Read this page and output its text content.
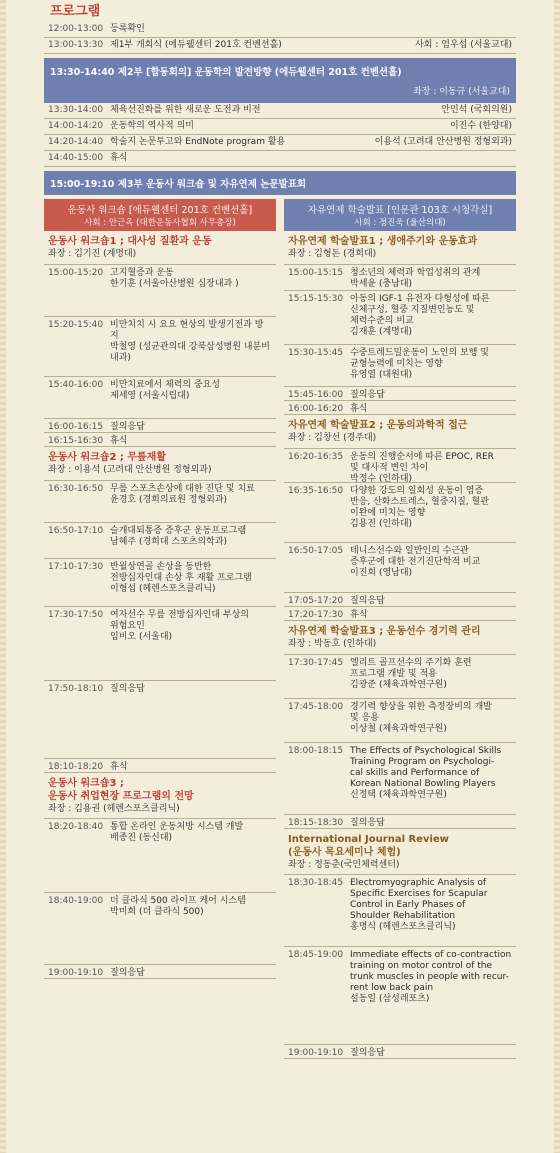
프로그램
12:00-13:00 등록확인
13:00-13:30 제1부 개회식 (에듀웰센터 201호 컨벤션홀)	사회 : 엄우섭 (서울교대)
13:30-14:40 제2부 [합동회의] 운동학의 발전방향 (에듀웰센터 201호 컨벤션홀)
좌장 : 이동규 (서울교대)
13:30-14:00 체육선진화를 위한 새로운 도전과 비전	안민석 (국회의원)
14:00-14:20 운동학의 역사적 의미	이진수 (한양대)
14:20-14:40 학술지 논문투고와 EndNote program 활용	이용석 (고려대 안산병원 정형외과)
14:40-15:00 휴식
15:00-19:10 제3부 운동사 워크숍 및 자유연제 논문발표회
운동사 워크숍 [에듀웰센터 201호 컨벤션홀]
사회 : 안근옥 (대한운동사협회 사무총장)
운동사 워크숍1 ; 대사성 질환과 운동
좌장 : 김기진 (계명대)
15:00-15:20 고지혈증과 운동
한기훈 (서울아산병원 심장내과 )
15:20-15:40 비만치치 시 요요 현상의 발생기전과 방지
박철영 (성균관의대 강북삼성병원 내분비내과)
15:40-16:00 비만치료에서 체력의 중요성
제세영 (서울시립대)
16:00-16:15 질의응답
16:15-16:30 휴식
운동사 워크숍2 ; 무릎재활
좌장 : 이용석 (고려대 안산병원 정형외과)
16:30-16:50 무릎 스포츠손상에 대한 진단 및 치료
윤경호 (경희의료원 정형외과)
16:50-17:10 슬개대퇴통증 증후군 운동프로그램
남혜주 (경희대 스포츠의학과)
17:10-17:30 반월상연골 손상을 동반한
전방십자인대 손상 후 재활 프로그램
이형섭 (헤렌스포츠클리닉)
17:30-17:50 여자선수 무릎 전방십자인대 부상의
위험요인
임비오 (서울대)
17:50-18:10 질의응답
18:10-18:20 휴식
운동사 워크숍3 ;
운동사 취업현장 프로그램의 전망
좌장 : 김용권 (헤렌스포츠클리닉)
18:20-18:40 통합 온라인 운동처방 시스템 개발
배종진 (동신대)
18:40-19:00 더 클라식 500 라이프 케어 시스템
박미희 (더 클라식 500)
19:00-19:10 질의응답
자유연제 학술발표 [인문관 103호 시청각실]
사회 : 정진욱 (울산의대)
자유연제 학술발표1 ; 생애주기와 운동효과
좌장 : 김형돈 (경희대)
15:00-15:15 청소년의 체력과 학업성취의 관계
박세윤 (충남대)
15:15-15:30 아동의 IGF-1 유전자 다형성에 따른
신체구성, 혈중 지질변인농도 및
체력수준의 비교
김재훈 (계명대)
15:30-15:45 수중트레드밀운동이 노인의 보행 및
균형능력에 미치는 영향
유영열 (대원대)
15:45-16:00 질의응답
16:00-16:20 휴식
자유연제 학술발표2 ; 운동의과학적 접근
좌장 : 김창선 (경주대)
16:20-16:35 운동의 진행순서에 따른 EPOC, RER
및 대사적 변인 차이
박정수 (인하대)
16:35-16:50 다양한 강도의 일회성 운동이 염증
반응, 산화스트레스, 혈중지질, 혈관
이완에 미치는 영향
김용진 (인하대)
16:50-17:05 테니스선수와 일반인의 수근관
증후군에 대한 전기진단학적 비교
이진희 (영남대)
17:05-17:20 질의응답
17:20-17:30 휴식
자유연제 학술발표3 ; 운동선수 경기력 관리
좌장 : 박동호 (인하대)
17:30-17:45 엘리트 골프선수의 주기화 훈련
프로그램 개발 및 적용
김광준 (체육과학연구원)
17:45-18:00 경기력 향상을 위한 측정장비의 개발
및 응용
이상철 (체육과학연구원)
18:00-18:15 The Effects of Psychological Skills
Training Program on Psychologi-
cal skills and Performance of
Korean National Bowling Players
신정택 (체육과학연구원)
18:15-18:30 질의응답
International Journal Review
(운동사 목요세미나 체험)
좌장 : 정동춘(국민체력센터)
18:30-18:45 Electromyographic Analysis of
Specific Exercises for Scapular
Control in Early Phases of
Shoulder Rehabilitation
홍명식 (헤렌스포츠클리닉)
18:45-19:00 Immediate effects of co-contraction
training on motor control of the
trunk muscles in people with recur-
rent low back pain
설동일 (삼성레포츠)
19:00-19:10 질의응답
